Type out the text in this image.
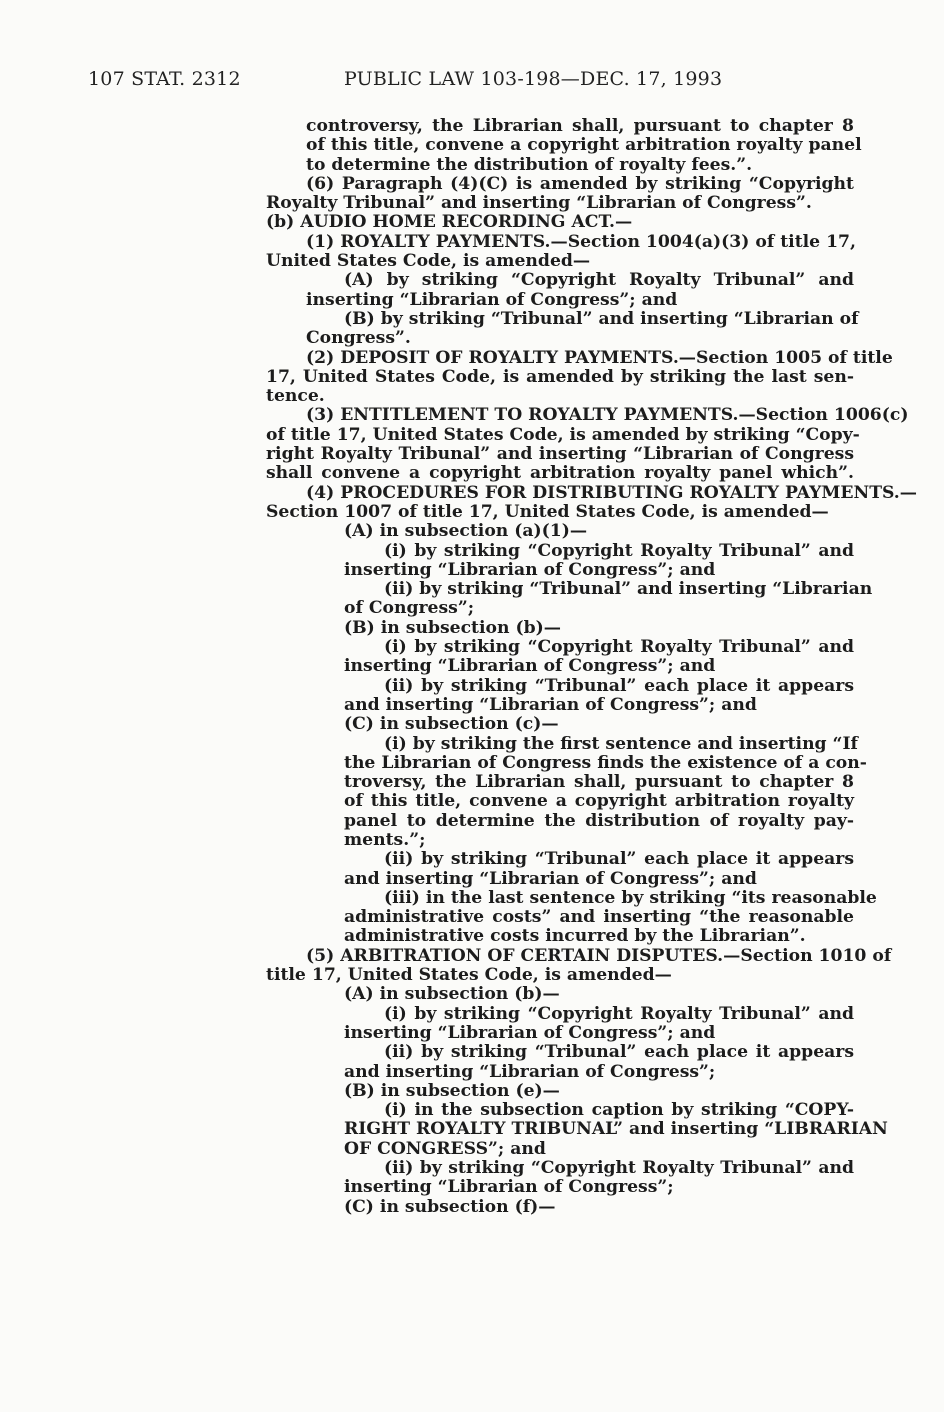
107 STAT. 2312	PUBLIC LAW 103-198—DEC. 17, 1993
controversy, the Librarian shall, pursuant to chapter 8
of this title, convene a copyright arbitration royalty panel
to determine the distribution of royalty fees.”.
(6) Paragraph (4)(C) is amended by striking “Copyright
Royalty Tribunal” and inserting “Librarian of Congress”.
(b) AUDIO HOME RECORDING ACT.—
(1) ROYALTY PAYMENTS.—Section 1004(a)(3) of title 17,
United States Code, is amended—
(A) by striking “Copyright Royalty Tribunal” and
inserting “Librarian of Congress”; and
(B) by striking “Tribunal” and inserting “Librarian of
Congress”.
(2) DEPOSIT OF ROYALTY PAYMENTS.—Section 1005 of title
17, United States Code, is amended by striking the last sen-
tence.
(3) ENTITLEMENT TO ROYALTY PAYMENTS.—Section 1006(c)
of title 17, United States Code, is amended by striking “Copy-
right Royalty Tribunal” and inserting “Librarian of Congress
shall convene a copyright arbitration royalty panel which”.
(4) PROCEDURES FOR DISTRIBUTING ROYALTY PAYMENTS.—
Section 1007 of title 17, United States Code, is amended—
(A) in subsection (a)(1)—
(i) by striking “Copyright Royalty Tribunal” and
inserting “Librarian of Congress”; and
(ii) by striking “Tribunal” and inserting “Librarian
of Congress”;
(B) in subsection (b)—
(i) by striking “Copyright Royalty Tribunal” and
inserting “Librarian of Congress”; and
(ii) by striking “Tribunal” each place it appears
and inserting “Librarian of Congress”; and
(C) in subsection (c)—
(i) by striking the first sentence and inserting “If
the Librarian of Congress finds the existence of a con-
troversy, the Librarian shall, pursuant to chapter 8
of this title, convene a copyright arbitration royalty
panel to determine the distribution of royalty pay-
ments.”;
(ii) by striking “Tribunal” each place it appears
and inserting “Librarian of Congress”; and
(iii) in the last sentence by striking “its reasonable
administrative costs” and inserting “the reasonable
administrative costs incurred by the Librarian”.
(5) ARBITRATION OF CERTAIN DISPUTES.—Section 1010 of
title 17, United States Code, is amended—
(A) in subsection (b)—
(i) by striking “Copyright Royalty Tribunal” and
inserting “Librarian of Congress”; and
(ii) by striking “Tribunal” each place it appears
and inserting “Librarian of Congress”;
(B) in subsection (e)—
(i) in the subsection caption by striking “COPY-
RIGHT ROYALTY TRIBUNAL” and inserting “LIBRARIAN
OF CONGRESS”; and
(ii) by striking “Copyright Royalty Tribunal” and
inserting “Librarian of Congress”;
(C) in subsection (f)—
